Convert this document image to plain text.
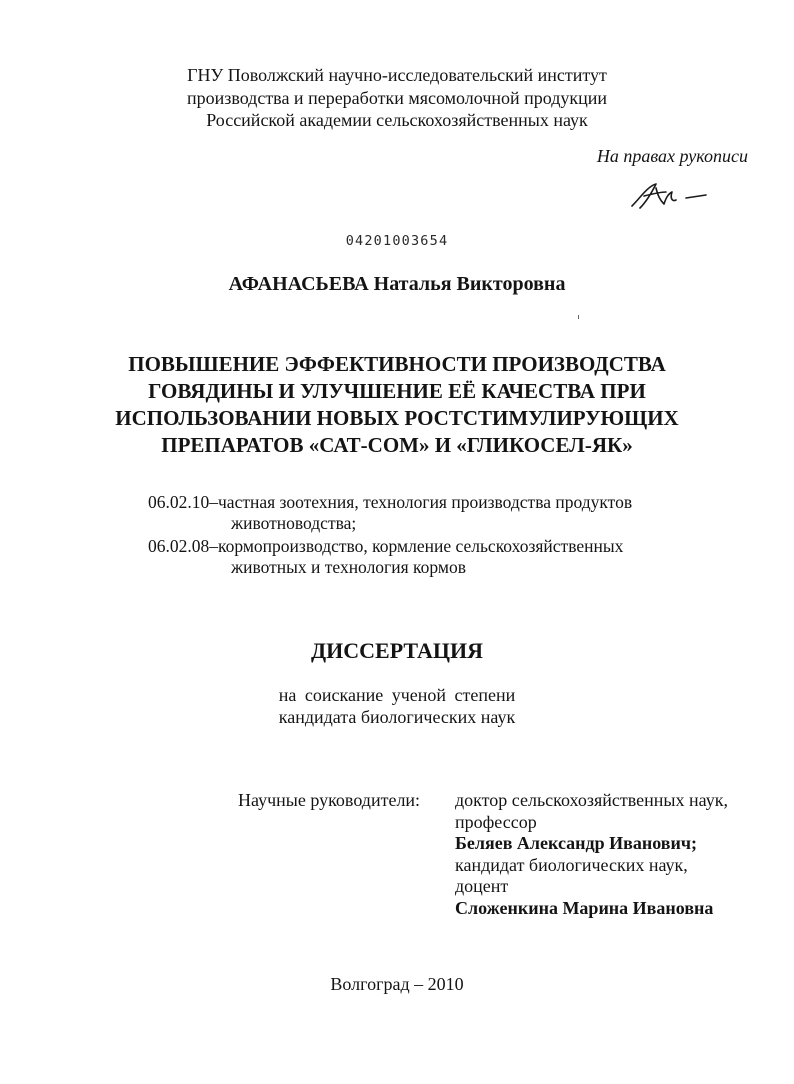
ГНУ Поволжский научно-исследовательский институт
производства и переработки мясомолочной продукции
Российской академии сельскохозяйственных наук
На правах рукописи
04201003654
АФАНАСЬЕВА Наталья Викторовна
ПОВЫШЕНИЕ ЭФФЕКТИВНОСТИ ПРОИЗВОДСТВА
ГОВЯДИНЫ И УЛУЧШЕНИЕ ЕЁ КАЧЕСТВА ПРИ
ИСПОЛЬЗОВАНИИ НОВЫХ РОСТСТИМУЛИРУЮЩИХ
ПРЕПАРАТОВ «САТ-СОМ» И «ГЛИКОСЕЛ-ЯК»
06.02.10–частная зоотехния, технология производства продуктов
животноводства;
06.02.08–кормопроизводство, кормление сельскохозяйственных
животных и технология кормов
ДИССЕРТАЦИЯ
на соискание ученой степени
кандидата биологических наук
Научные руководители: доктор сельскохозяйственных наук,
профессор
Беляев Александр Иванович;
кандидат биологических наук,
доцент
Сложенкина Марина Ивановна
Волгоград – 2010
